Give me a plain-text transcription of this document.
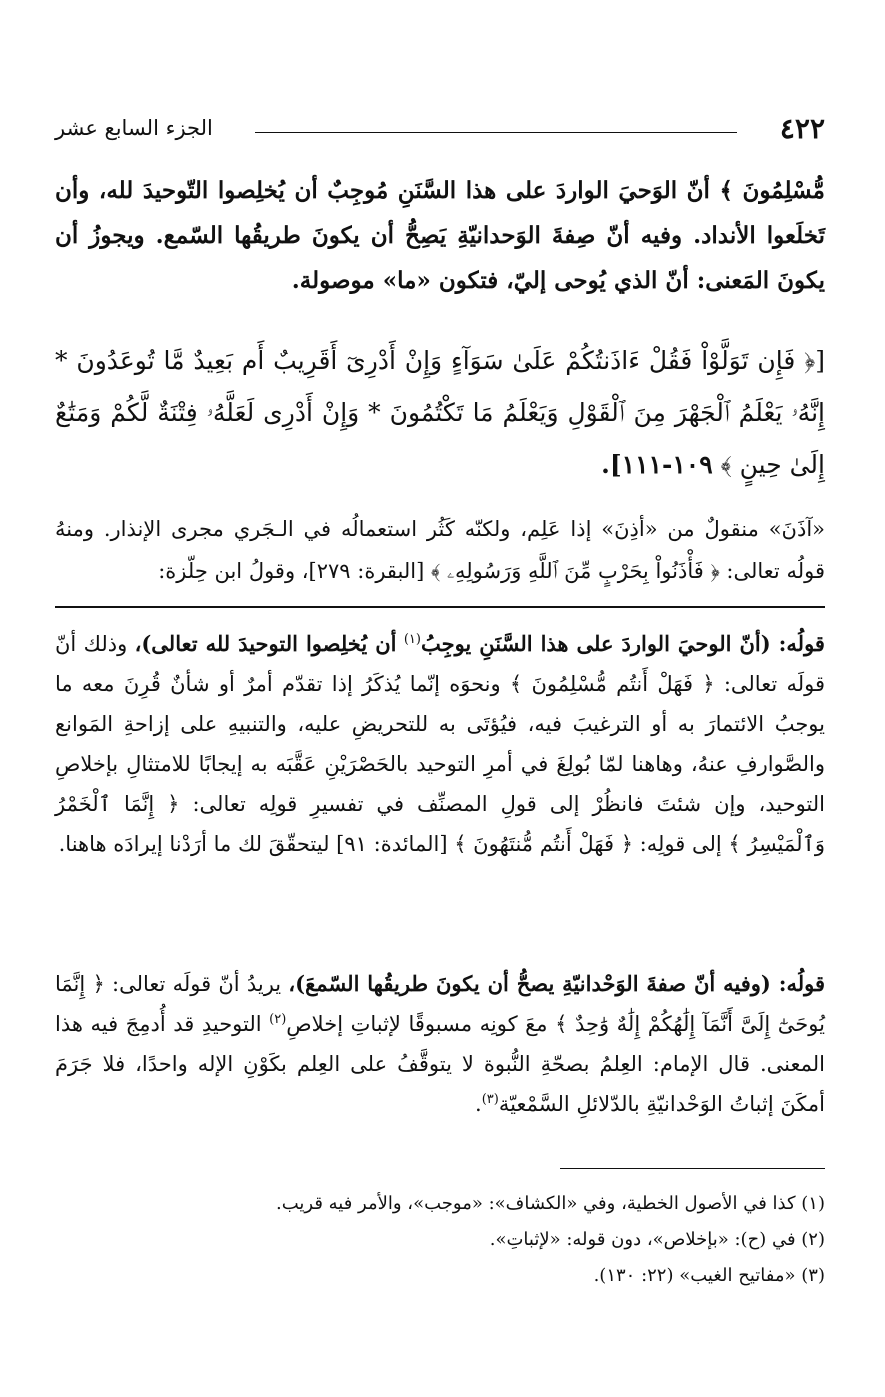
٤٢٢
الجزء السابع عشر

مُّسْلِمُونَ ﴾ أنّ الوَحيَ الواردَ على هذا السَّنَنِ مُوجِبٌ أن يُخلِصوا التّوحيدَ لله، وأن تَخلَعوا الأنداد. وفيه أنّ صِفةَ الوَحدانيّةِ يَصِحُّ أن يكونَ طريقُها السّمع. ويجوزُ أن يكونَ المَعنى: أنّ الذي يُوحى إليّ، فتكون «ما» موصولة.

[﴿ فَإِن تَوَلَّوْاْ فَقُلْ ءَاذَنتُكُمْ عَلَىٰ سَوَآءٍ وَإِنْ أَدْرِىٓ أَقَرِيبٌ أَم بَعِيدٌ مَّا تُوعَدُونَ * إِنَّهُۥ يَعْلَمُ ٱلْجَهْرَ مِنَ ٱلْقَوْلِ وَيَعْلَمُ مَا تَكْتُمُونَ * وَإِنْ أَدْرِى لَعَلَّهُۥ فِتْنَةٌ لَّكُمْ وَمَتَٰعٌ إِلَىٰ حِينٍ ﴾ ١٠٩-١١١].

«آذَنَ» منقولٌ من «أذِنَ» إذا عَلِم، ولكنّه كَثُر استعمالُه في الـجَري مجرى الإنذار. ومنهُ قولُه تعالى: ﴿ فَأْذَنُواْ بِحَرْبٍ مِّنَ ٱللَّهِ وَرَسُولِهِۦ ﴾ [البقرة: ٢٧٩]، وقولُ ابن حِلّزة:

قولُه: (أنّ الوحيَ الواردَ على هذا السَّنَنِ يوجِبُ$^{(١)}$ أن يُخلِصوا التوحيدَ لله تعالى)، وذلك أنّ قولَه تعالى: ﴿ فَهَلْ أَنتُم مُّسْلِمُونَ ﴾ ونحوَه إنّما يُذكَرُ إذا تقدّم أمرٌ أو شأنٌ قُرِنَ معه ما يوجبُ الائتمارَ به أو الترغيبَ فيه، فيُؤتَى به للتحريضِ عليه، والتنبيهِ على إزاحةِ المَوانع والصَّوارفِ عنهُ، وهاهنا لمّا بُولِغَ في أمرِ التوحيد بالحَصْرَيْنِ عَقَّبَه به إيجابًا للامتثالِ بإخلاصِ التوحيد، وإن شئتَ فانظُرْ إلى قولِ المصنِّف في تفسيرِ قولِه تعالى: ﴿ إِنَّمَا ٱلْخَمْرُ وَٱلْمَيْسِرُ ﴾ إلى قولِه: ﴿ فَهَلْ أَنتُم مُّنتَهُونَ ﴾ [المائدة: ٩١] ليتحقّقَ لك ما أرَدْنا إيرادَه هاهنا.

قولُه: (وفيه أنّ صفةَ الوَحْدانيّةِ يصحُّ أن يكونَ طريقُها السّمعَ)، يريدُ أنّ قولَه تعالى: ﴿ إِنَّمَا يُوحَىٰٓ إِلَىَّ أَنَّمَآ إِلَٰهُكُمْ إِلَٰهٌ وَٰحِدٌ ﴾ معَ كونِه مسبوقًا لإثباتِ إخلاصِ$^{(٢)}$ التوحيدِ قد أُدمِجَ فيه هذا المعنى. قال الإمام: العِلمُ بصحّةِ النُّبوة لا يتوقَّفُ على العِلم بكَوْنِ الإله واحدًا، فلا جَرَمَ أمكَنَ إثباتُ الوَحْدانيّةِ بالدّلائلِ السَّمْعيّة$^{(٣)}$.

(١) كذا في الأصول الخطية، وفي «الكشاف»: «موجب»، والأمر فيه قريب.
(٢) في (ح): «بإخلاص»، دون قوله: «لإثباتِ».
(٣) «مفاتيح الغيب» (٢٢: ١٣٠).
